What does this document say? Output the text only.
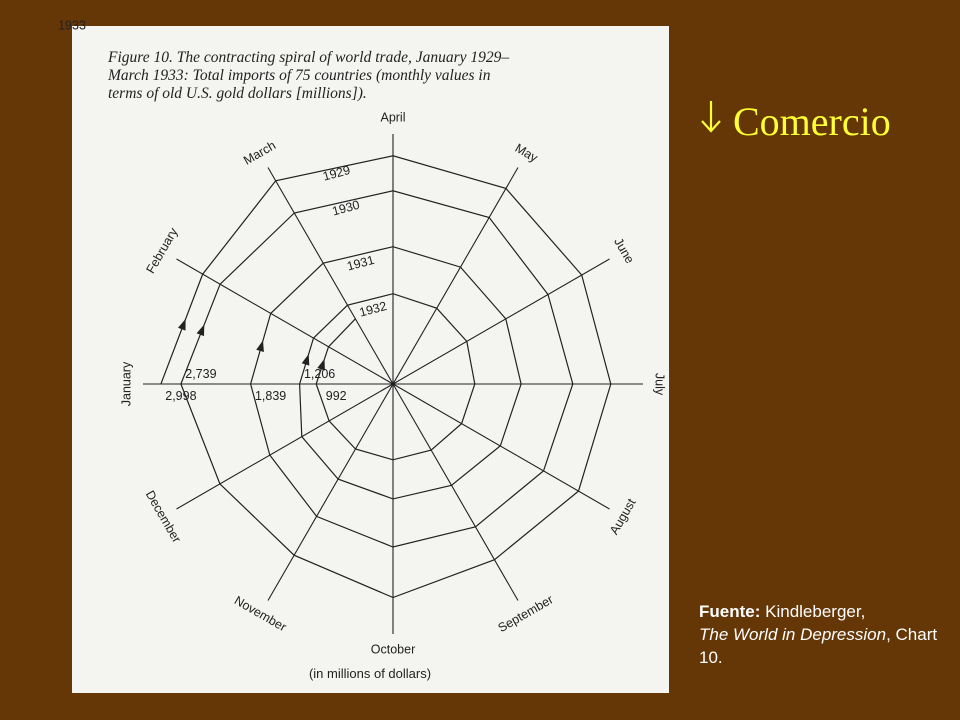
Figure 10. The contracting spiral of world trade, January 1929–
March 1933: Total imports of 75 countries (monthly values in
terms of old U.S. gold dollars [millions]).
January
February
March
April
May
June
July
August
September
October
November
December
1929
1930
1931
1932
1933
2,998
2,739
1,839
1,206
992
(in millions of dollars)
Comercio
Fuente: Kindleberger,
The World in Depression, Chart 10.
